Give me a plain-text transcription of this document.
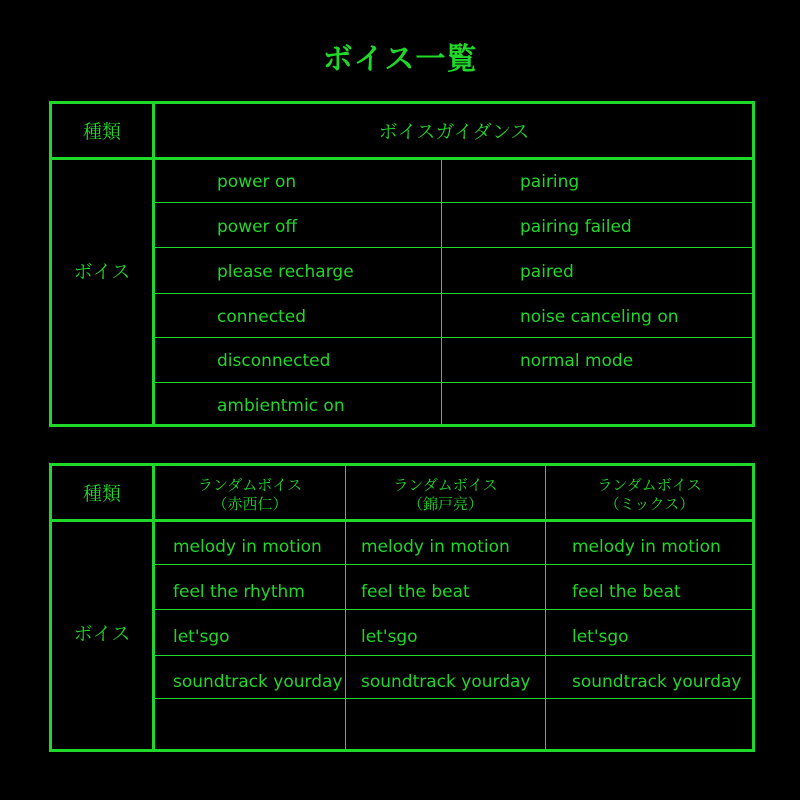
ボイス一覧
種類	ボイスガイダンス
ボイス
power on
power off
please recharge
connected
disconnected
ambientmic on
pairing
pairing failed
paired
noise canceling on
normal mode
種類	ランダムボイス
（赤西仁）
ランダムボイス
（錦戸亮）
ランダムボイス
（ミックス）
ボイス
melody in motion
feel the rhythm
let'sgo
soundtrack yourday
melody in motion
feel the beat
let'sgo
soundtrack yourday
melody in motion
feel the beat
let'sgo
soundtrack yourday
